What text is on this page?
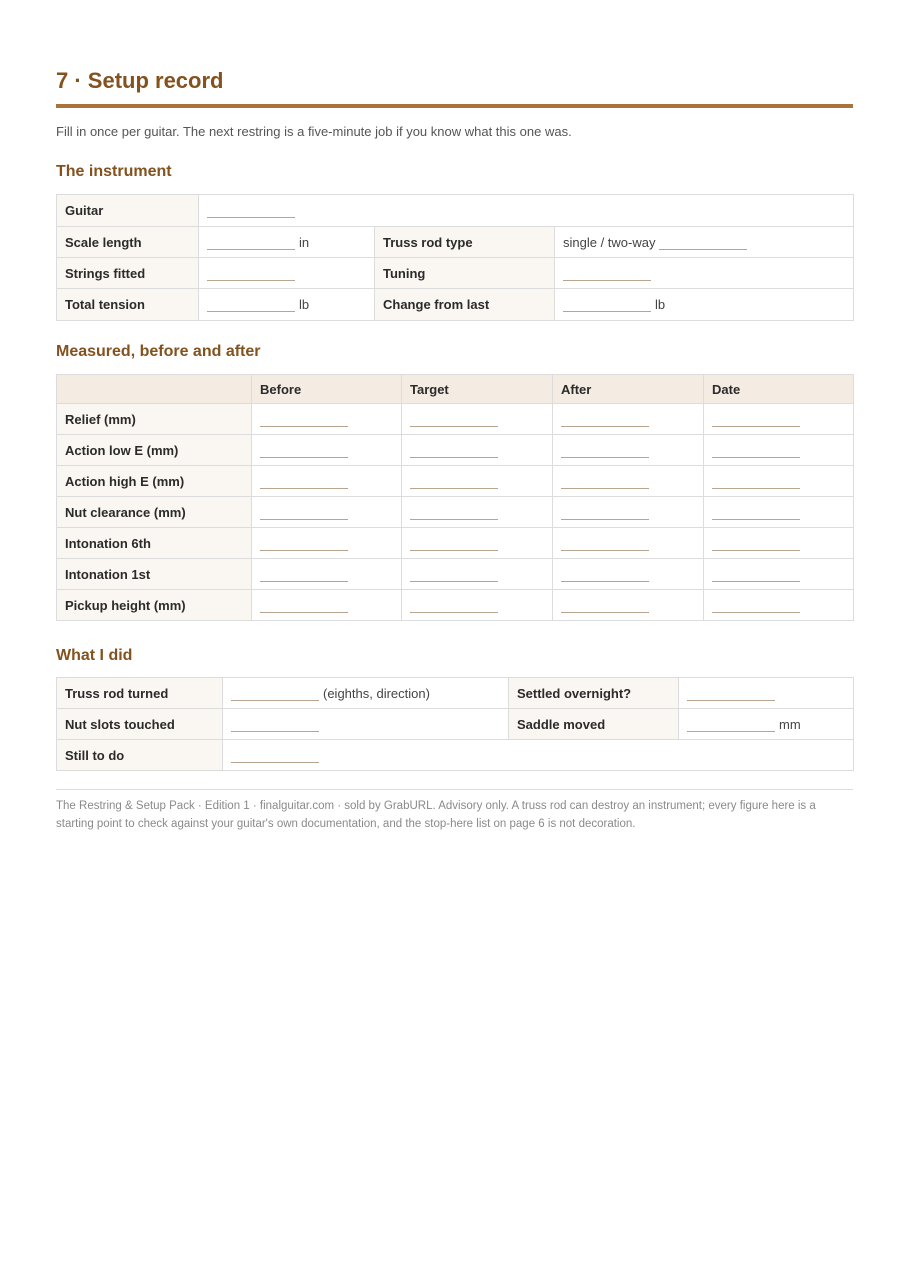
7 · Setup record
Fill in once per guitar. The next restring is a five-minute job if you know what this one was.
The instrument
Guitar			
Scale length	in	Truss rod type	single / two-way
Strings fitted		Tuning	
Total tension	lb	Change from last	lb
Measured, before and after
	Before	Target	After	Date
Relief (mm)				
Action low E (mm)				
Action high E (mm)				
Nut clearance (mm)				
Intonation 6th				
Intonation 1st				
Pickup height (mm)				
What I did
Truss rod turned	(eighths, direction)	Settled overnight?	
Nut slots touched		Saddle moved	mm
Still to do			
The Restring & Setup Pack · Edition 1 · finalguitar.com · sold by GrabURL. Advisory only. A truss rod can destroy an instrument; every figure here is a starting point to check against your guitar's own documentation, and the stop-here list on page 6 is not decoration.
